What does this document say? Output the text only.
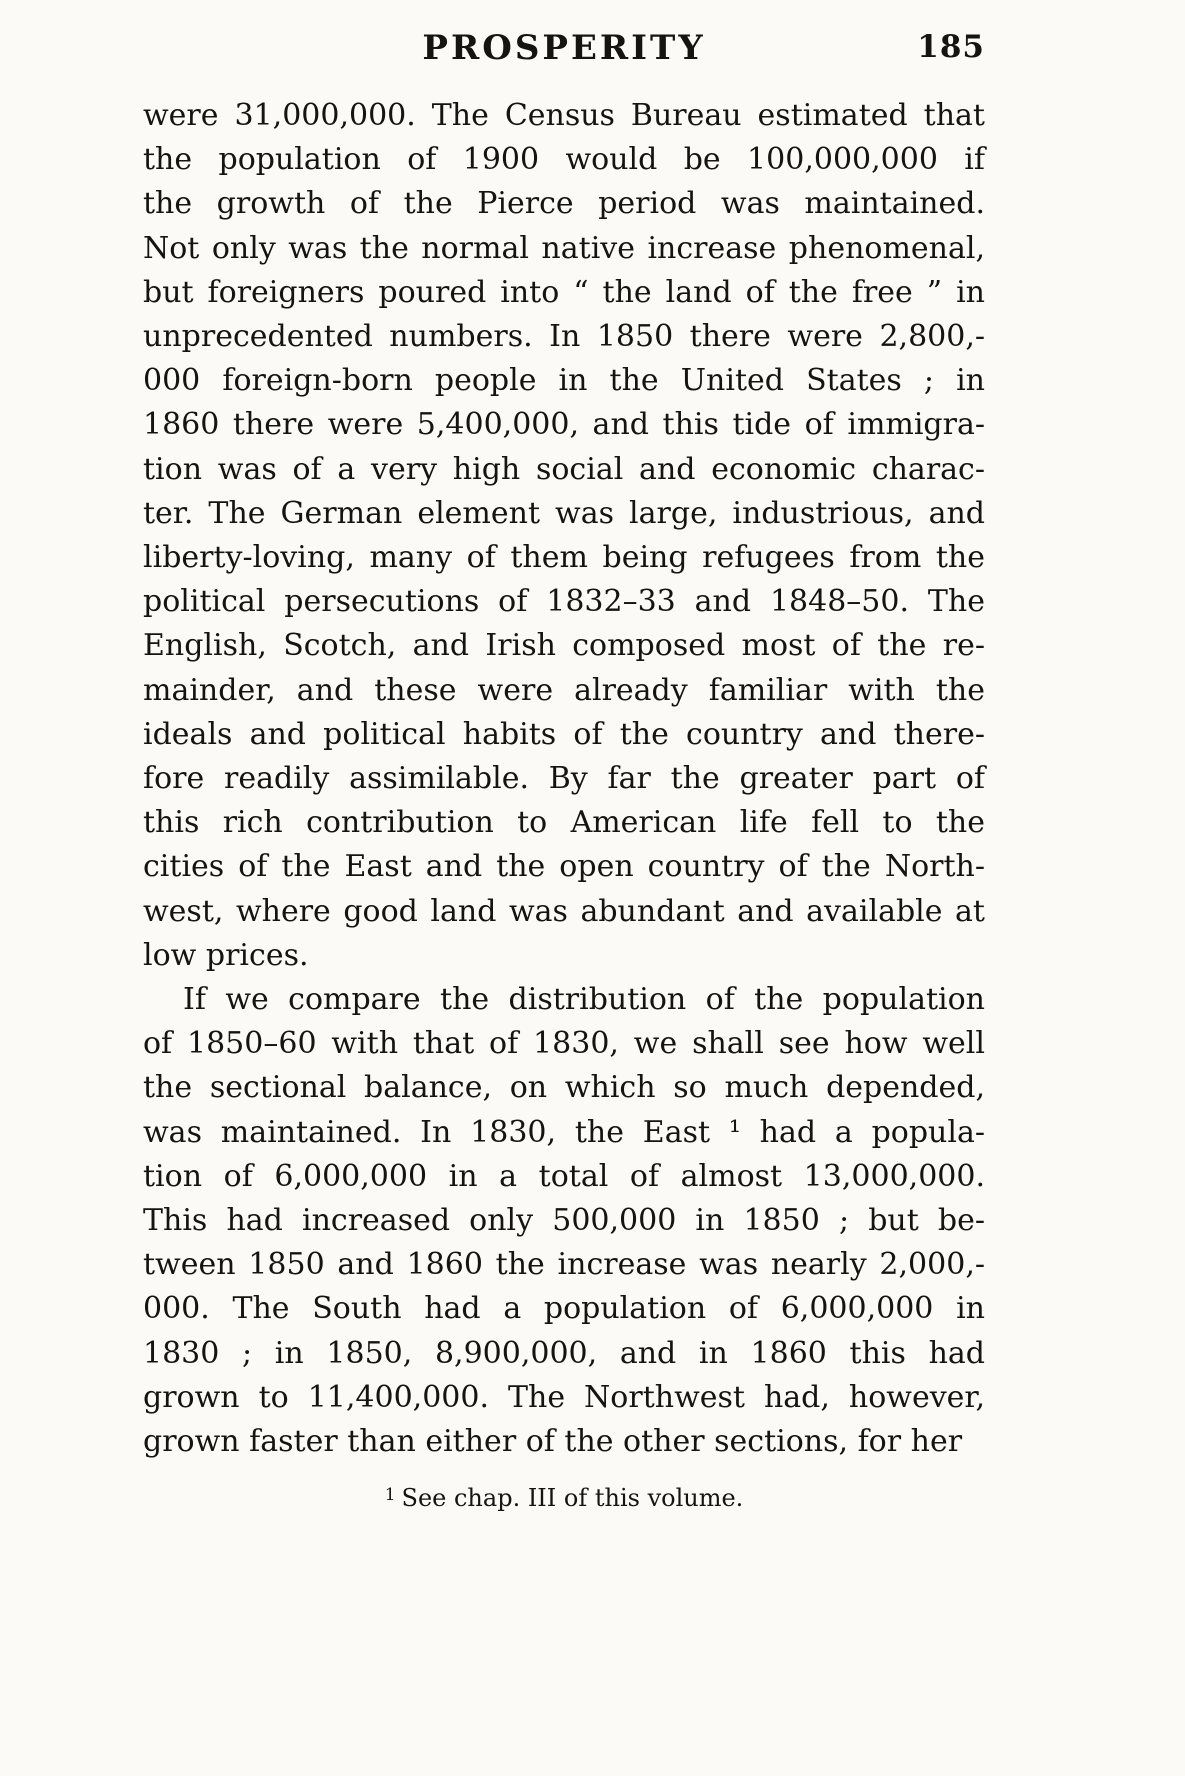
PROSPERITY	185
were 31,000,000. The Census Bureau estimated that
the population of 1900 would be 100,000,000 if
the growth of the Pierce period was maintained.
Not only was the normal native increase phenomenal,
but foreigners poured into “ the land of the free ” in
unprecedented numbers. In 1850 there were 2,800,-
000 foreign-born people in the United States ; in
1860 there were 5,400,000, and this tide of immigra-
tion was of a very high social and economic charac-
ter. The German element was large, industrious, and
liberty-loving, many of them being refugees from the
political persecutions of 1832–33 and 1848–50. The
English, Scotch, and Irish composed most of the re-
mainder, and these were already familiar with the
ideals and political habits of the country and there-
fore readily assimilable. By far the greater part of
this rich contribution to American life fell to the
cities of the East and the open country of the North-
west, where good land was abundant and available at
low prices.
If we compare the distribution of the population
of 1850–60 with that of 1830, we shall see how well
the sectional balance, on which so much depended,
was maintained. In 1830, the East ¹ had a popula-
tion of 6,000,000 in a total of almost 13,000,000.
This had increased only 500,000 in 1850 ; but be-
tween 1850 and 1860 the increase was nearly 2,000,-
000. The South had a population of 6,000,000 in
1830 ; in 1850, 8,900,000, and in 1860 this had
grown to 11,400,000. The Northwest had, however,
grown faster than either of the other sections, for her
$^1$ See chap. III of this volume.
